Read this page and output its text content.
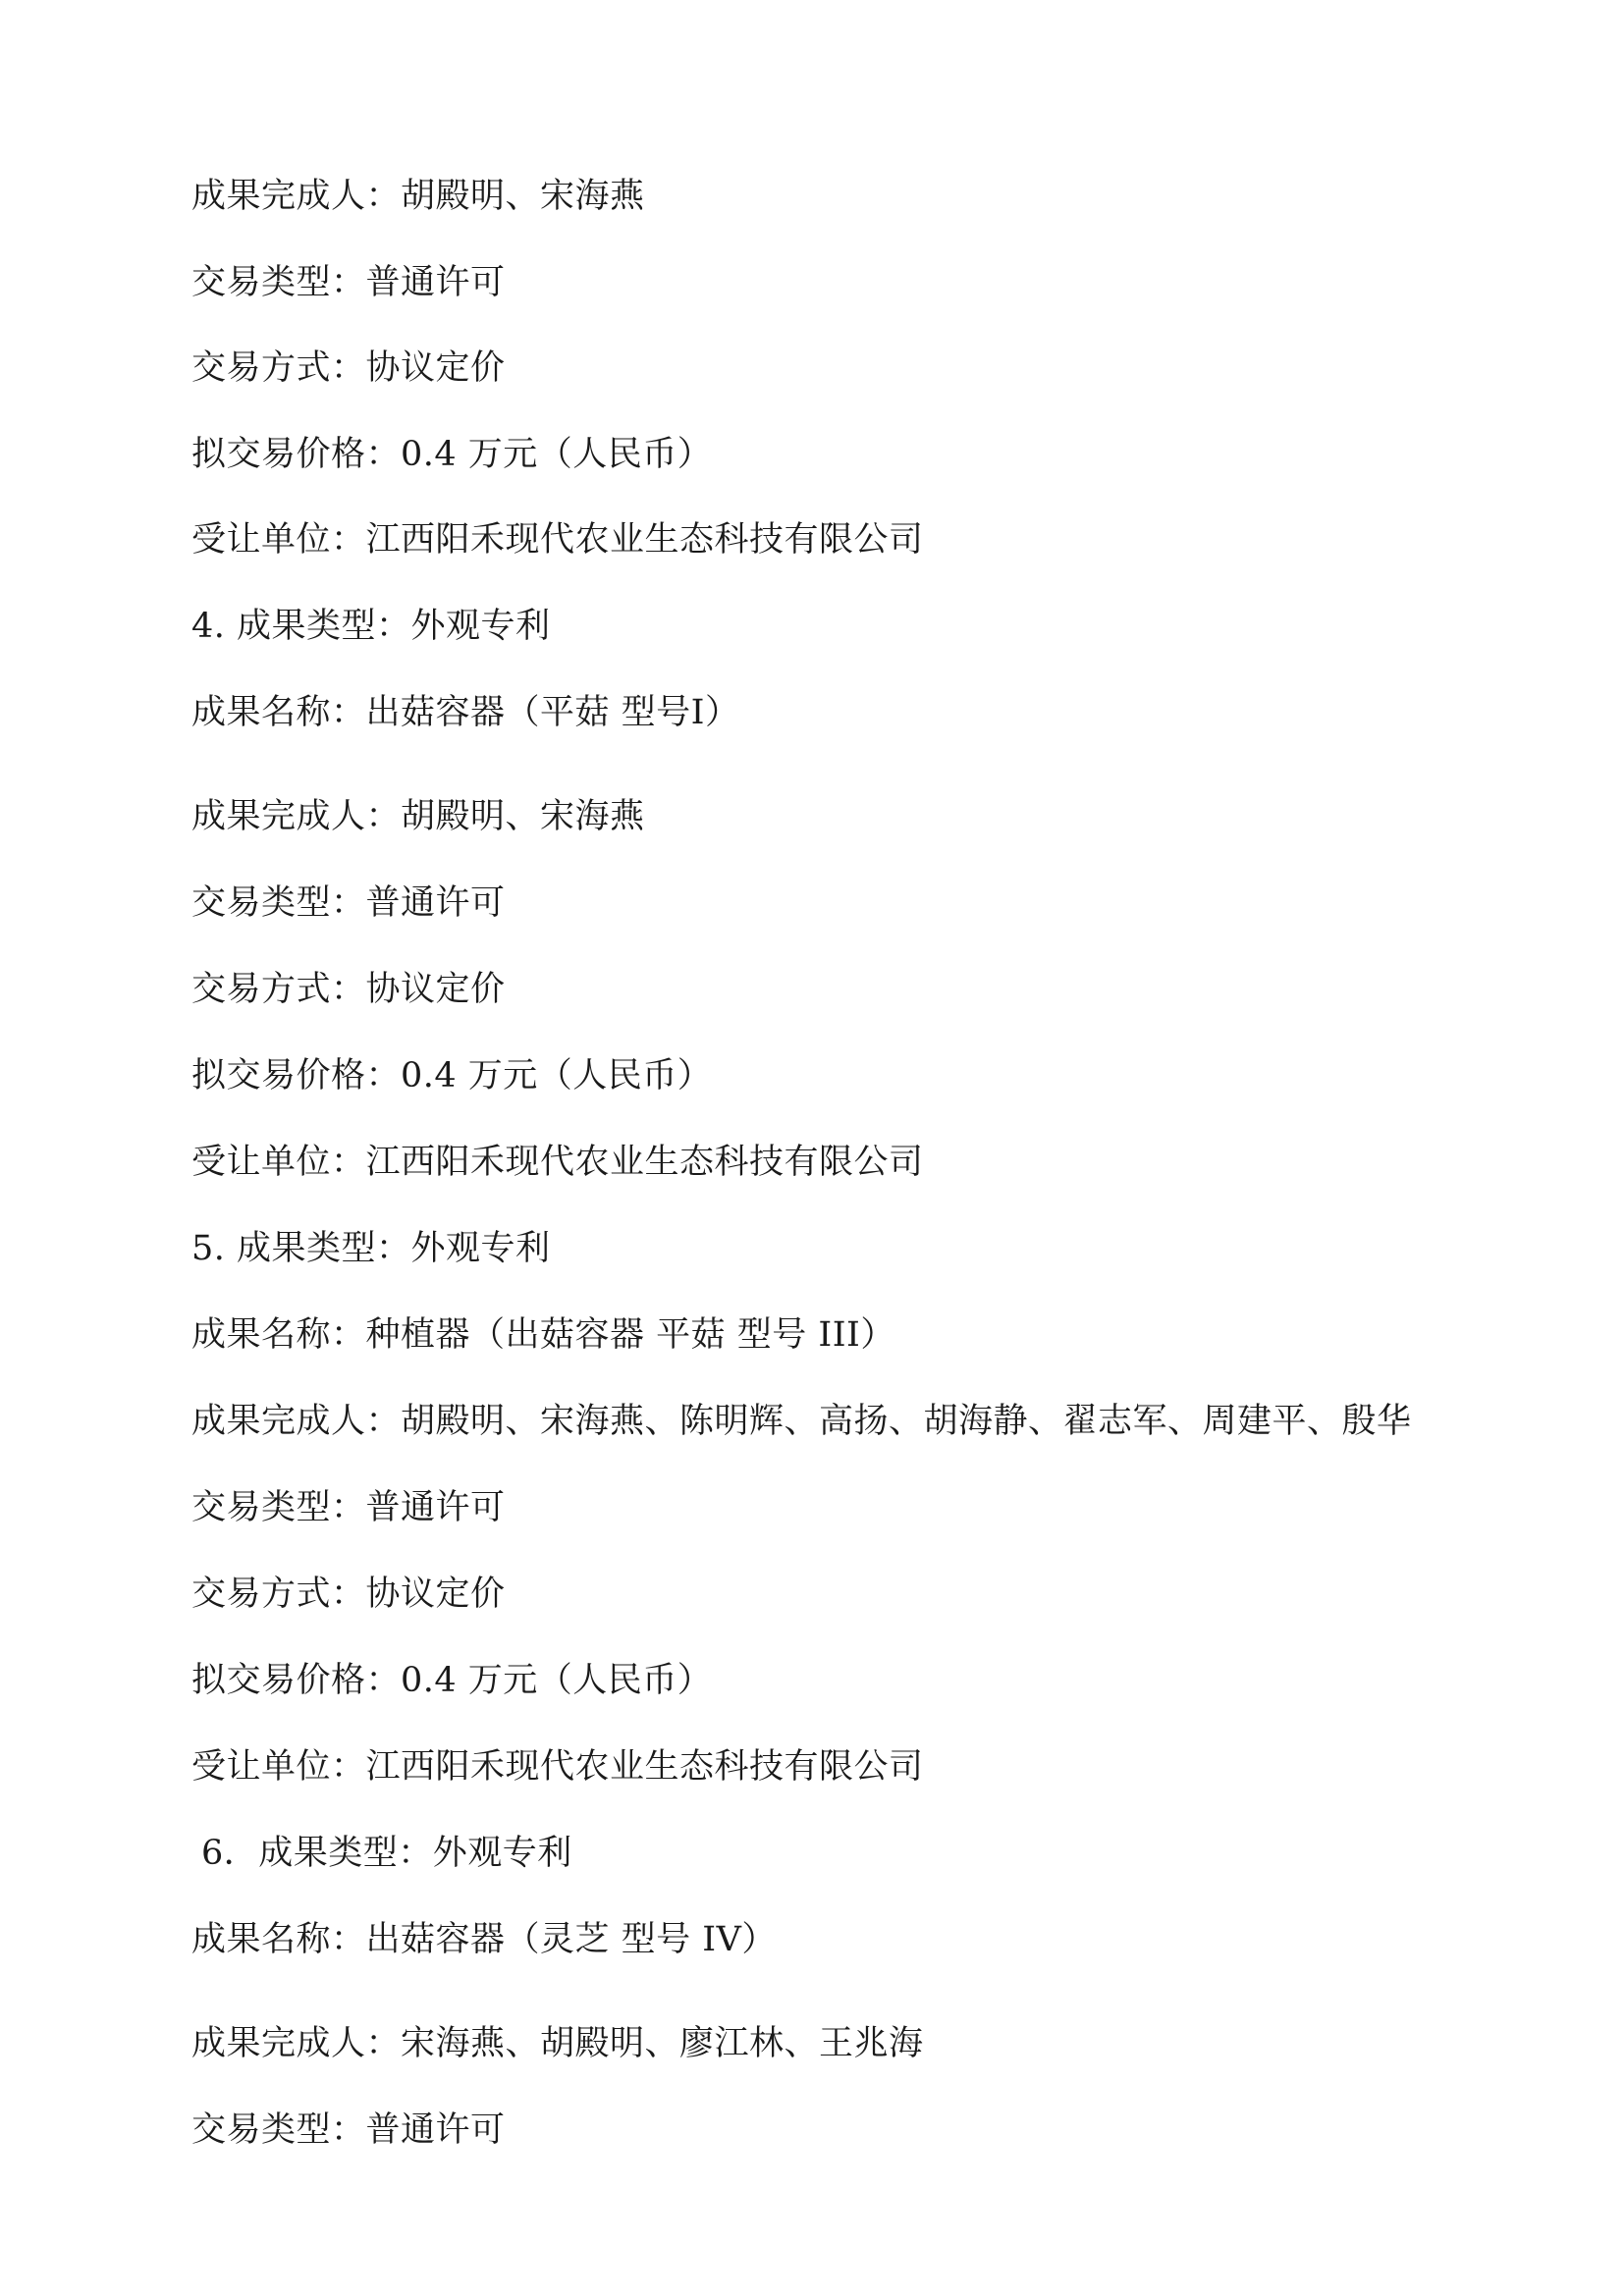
成果完成人：胡殿明、宋海燕
交易类型：普通许可
交易方式：协议定价
拟交易价格：0.4 万元（人民币）
受让单位：江西阳禾现代农业生态科技有限公司
4. 成果类型：外观专利
成果名称：出菇容器（平菇 型号Ⅰ）
成果完成人：胡殿明、宋海燕
交易类型：普通许可
交易方式：协议定价
拟交易价格：0.4 万元（人民币）
受让单位：江西阳禾现代农业生态科技有限公司
5. 成果类型：外观专利
成果名称：种植器（出菇容器 平菇 型号 III）
成果完成人：胡殿明、宋海燕、陈明辉、高扬、胡海静、翟志军、周建平、殷华
交易类型：普通许可
交易方式：协议定价
拟交易价格：0.4 万元（人民币）
受让单位：江西阳禾现代农业生态科技有限公司
6．成果类型：外观专利
成果名称：出菇容器（灵芝 型号 IV）
成果完成人：宋海燕、胡殿明、廖江林、王兆海
交易类型：普通许可
